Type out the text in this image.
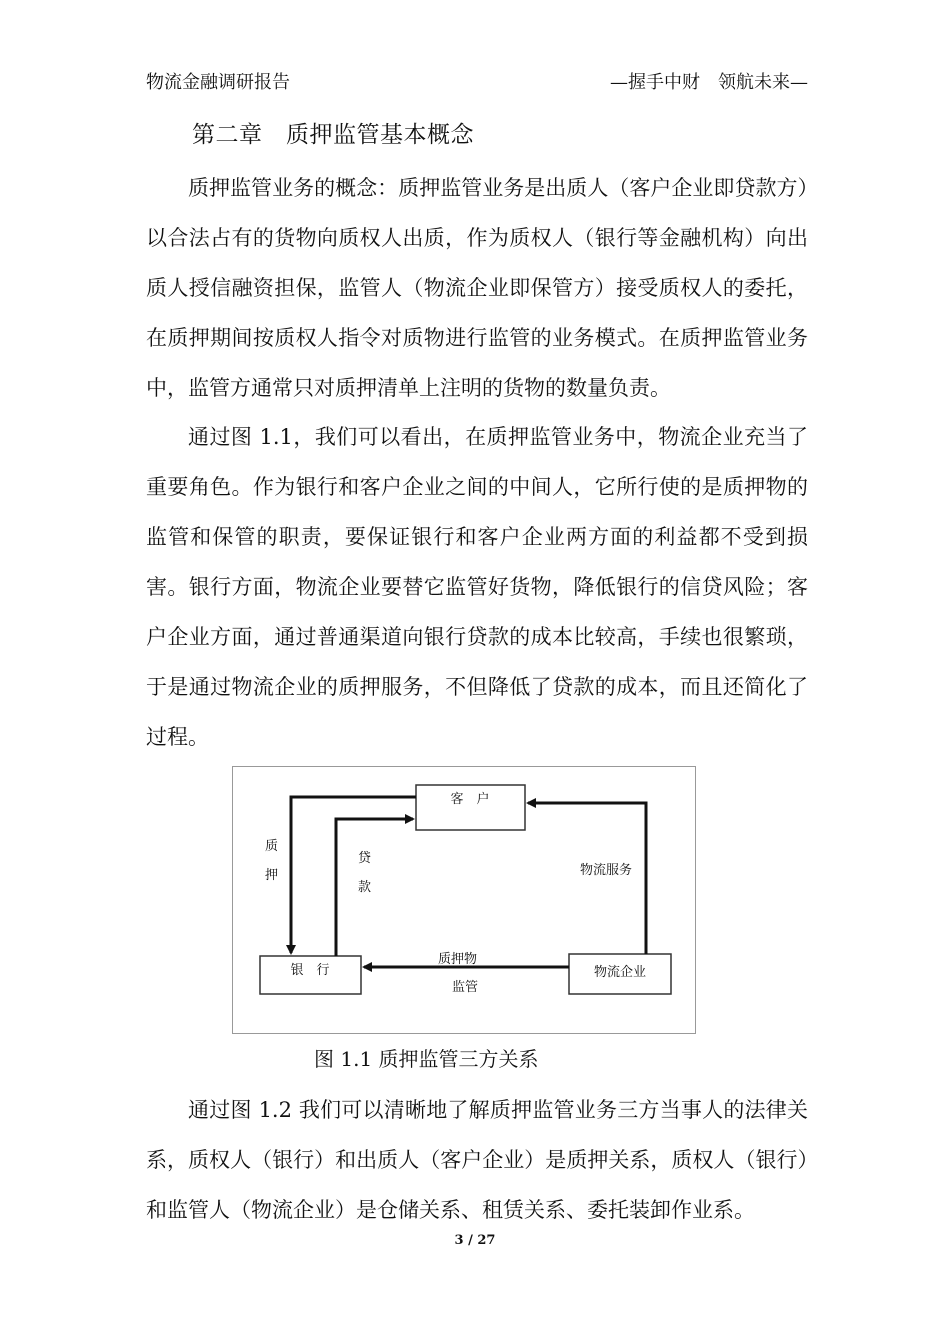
物流金融调研报告	—握手中财　领航未来—
第二章　质押监管基本概念

质押监管业务的概念：质押监管业务是出质人（客户企业即贷款方）以合法占有的货物向质权人出质，作为质权人（银行等金融机构）向出质人授信融资担保，监管人（物流企业即保管方）接受质权人的委托，在质押期间按质权人指令对质物进行监管的业务模式。在质押监管业务中，监管方通常只对质押清单上注明的货物的数量负责。

通过图 1.1，我们可以看出，在质押监管业务中，物流企业充当了重要角色。作为银行和客户企业之间的中间人，它所行使的是质押物的监管和保管的职责，要保证银行和客户企业两方面的利益都不受到损害。银行方面，物流企业要替它监管好货物，降低银行的信贷风险；客户企业方面，通过普通渠道向银行贷款的成本比较高，手续也很繁琐，于是通过物流企业的质押服务，不但降低了贷款的成本，而且还简化了过程。

客　户
银　行	物流企业
质
押
贷
款
物流服务
质押物
监管
图 1.1 质押监管三方关系

通过图 1.2 我们可以清晰地了解质押监管业务三方当事人的法律关系，质权人（银行）和出质人（客户企业）是质押关系，质权人（银行）和监管人（物流企业）是仓储关系、租赁关系、委托装卸作业系。

3 / 27
